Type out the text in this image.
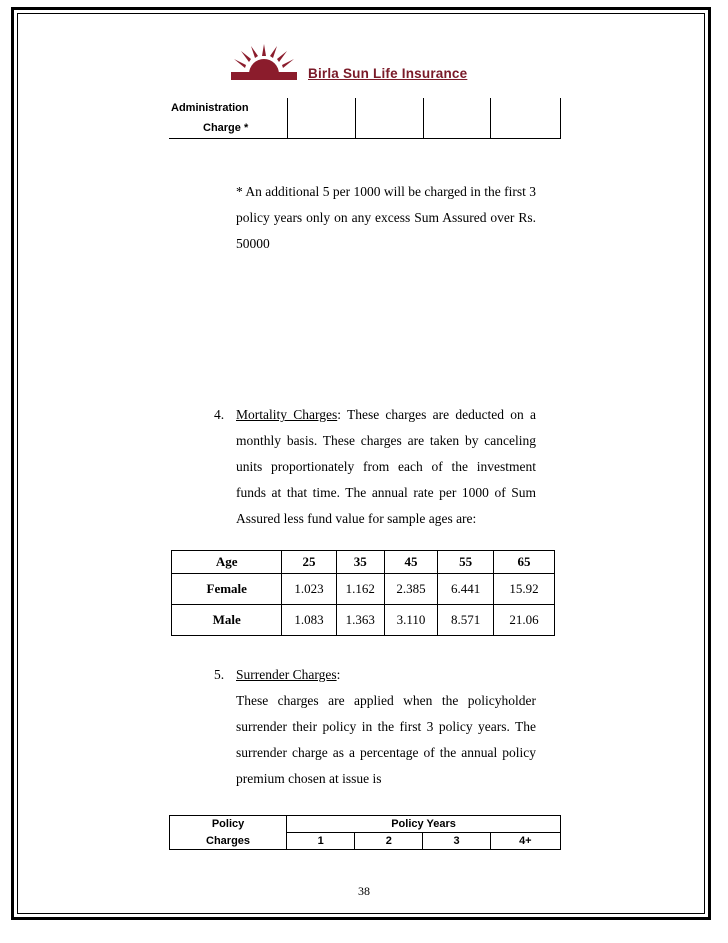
Birla Sun Life Insurance
Administration
Charge *

* An additional 5 per 1000 will be charged in the first 3 policy years only on any excess Sum Assured over Rs. 50000
4. Mortality Charges: These charges are deducted on a monthly basis. These charges are taken by canceling units proportionately from each of the investment funds at that time. The annual rate per 1000 of Sum Assured less fund value for sample ages are:
Age	25	35	45	55	65
Female	1.023	1.162	2.385	6.441	15.92
Male	1.083	1.363	3.110	8.571	21.06
5. Surrender Charges:
These charges are applied when the policyholder surrender their policy in the first 3 policy years. The surrender charge as a percentage of the annual policy premium chosen at issue is
Policy	Policy Years			
Charges	1	2	3	4+
38
